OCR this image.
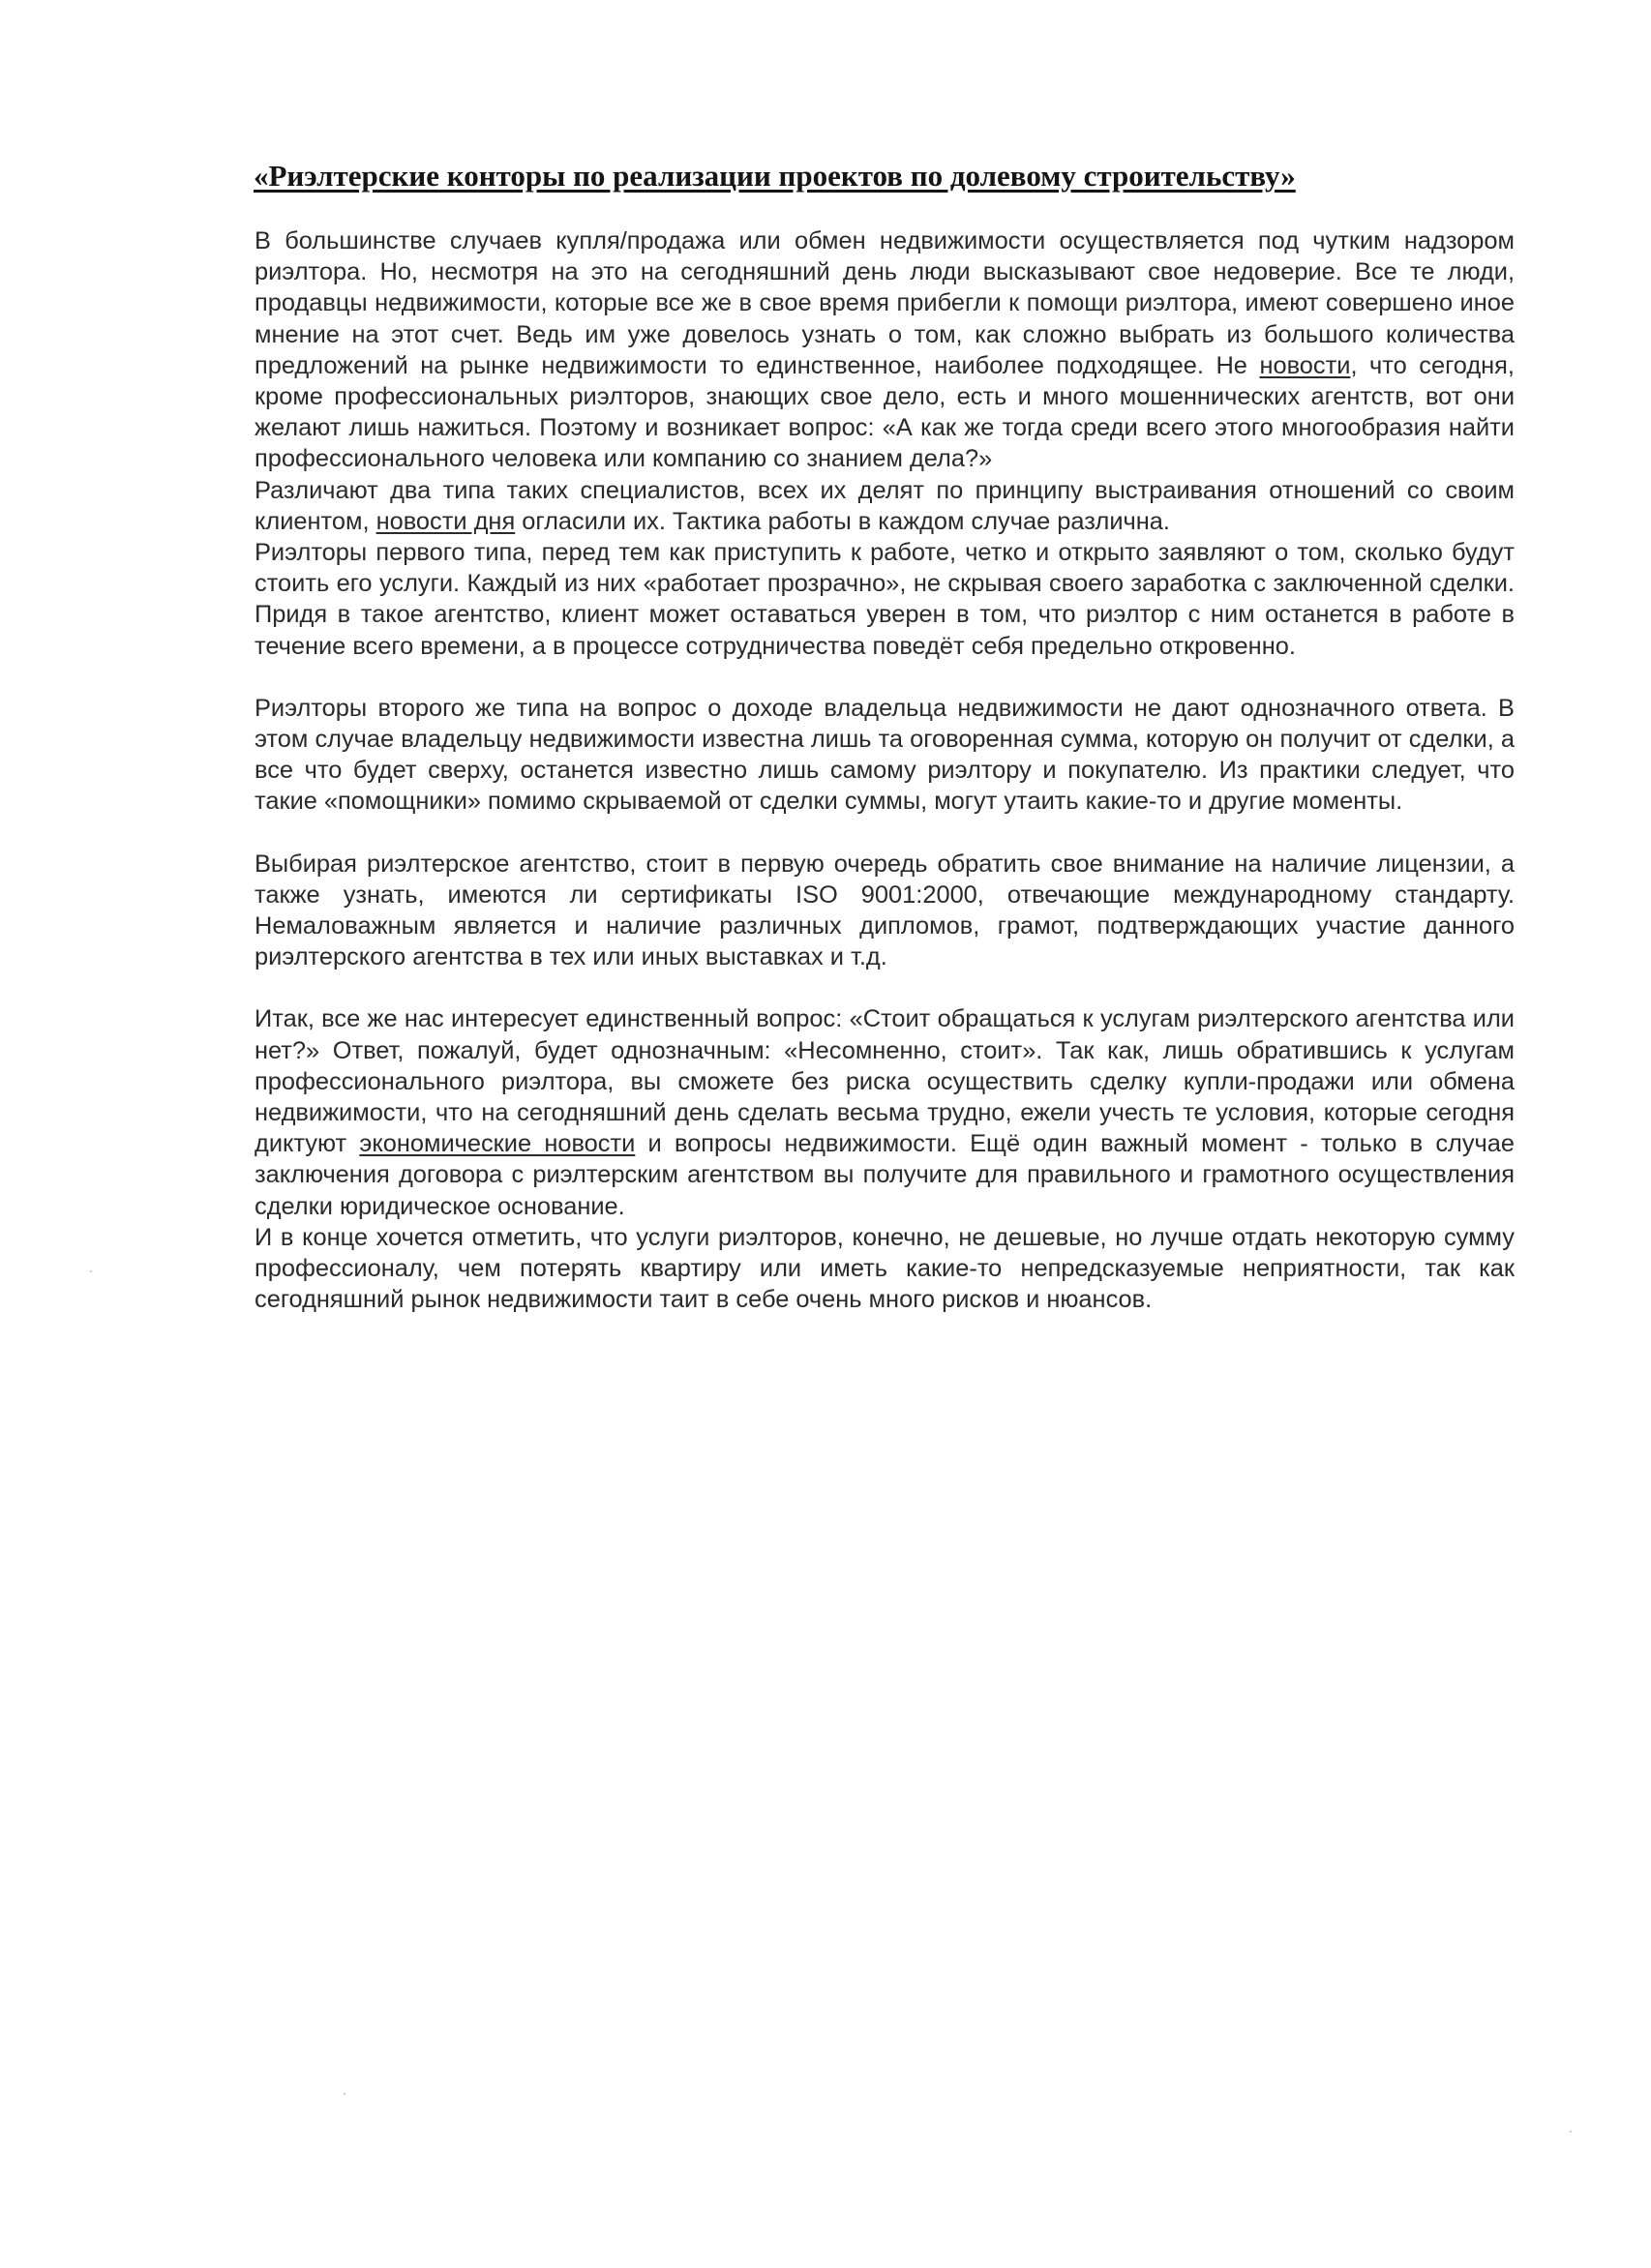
«Риэлтерские конторы по реализации проектов по долевому строительству»

В большинстве случаев купля/продажа или обмен недвижимости осуществляется под чутким надзором риэлтора. Но, несмотря на это на сегодняшний день люди высказывают свое недоверие. Все те люди, продавцы недвижимости, которые все же в свое время прибегли к помощи риэлтора, имеют совершено иное мнение на этот счет. Ведь им уже довелось узнать о том, как сложно выбрать из большого количества предложений на рынке недвижимости то единственное, наиболее подходящее. Не новости, что сегодня, кроме профессиональных риэлторов, знающих свое дело, есть и много мошеннических агентств, вот они желают лишь нажиться. Поэтому и возникает вопрос: «А как же тогда среди всего этого многообразия найти профессионального человека или компанию со знанием дела?»

Различают два типа таких специалистов, всех их делят по принципу выстраивания отношений со своим клиентом, новости дня огласили их. Тактика работы в каждом случае различна.

Риэлторы первого типа, перед тем как приступить к работе, четко и открыто заявляют о том, сколько будут стоить его услуги. Каждый из них «работает прозрачно», не скрывая своего заработка с заключенной сделки. Придя в такое агентство, клиент может оставаться уверен в том, что риэлтор с ним останется в работе в течение всего времени, а в процессе сотрудничества поведёт себя предельно откровенно.

Риэлторы второго же типа на вопрос о доходе владельца недвижимости не дают однозначного ответа. В этом случае владельцу недвижимости известна лишь та оговоренная сумма, которую он получит от сделки, а все что будет сверху, останется известно лишь самому риэлтору и покупателю. Из практики следует, что такие «помощники» помимо скрываемой от сделки суммы, могут утаить какие-то и другие моменты.

Выбирая риэлтерское агентство, стоит в первую очередь обратить свое внимание на наличие лицензии, а также узнать, имеются ли сертификаты ISO 9001:2000, отвечающие международному стандарту. Немаловажным является и наличие различных дипломов, грамот, подтверждающих участие данного риэлтерского агентства в тех или иных выставках и т.д.

Итак, все же нас интересует единственный вопрос: «Стоит обращаться к услугам риэлтерского агентства или нет?» Ответ, пожалуй, будет однозначным: «Несомненно, стоит». Так как, лишь обратившись к услугам профессионального риэлтора, вы сможете без риска осуществить сделку купли-продажи или обмена недвижимости, что на сегодняшний день сделать весьма трудно, ежели учесть те условия, которые сегодня диктуют экономические новости и вопросы недвижимости. Ещё один важный момент - только в случае заключения договора с риэлтерским агентством вы получите для правильного и грамотного осуществления сделки юридическое основание.

И в конце хочется отметить, что услуги риэлторов, конечно, не дешевые, но лучше отдать некоторую сумму профессионалу, чем потерять квартиру или иметь какие-то непредсказуемые неприятности, так как сегодняшний рынок недвижимости таит в себе очень много рисков и нюансов.
